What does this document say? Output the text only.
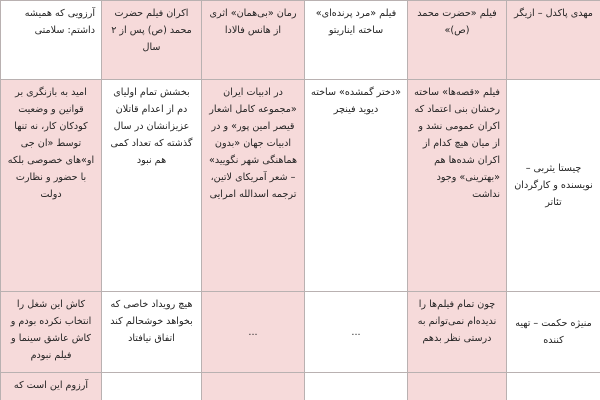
مهدی پاکدل – ازیگر	فیلم «حضرت محمد (ص)»	فیلم «مرد پرنده‌ای» ساخته ایناریتو	رمان «بی‌همان» اثری از هانس فالادا	اکران فیلم حضرت محمد (ص) پس از ۲ سال	آرزویی که همیشه داشتم: سلامتی
چیستا یثربی – نویسنده و کارگردان تئاتر	فیلم «قصه‌ها» ساخته رخشان بنی اعتماد که اکران عمومی نشد و از میان هیچ کدام از اکران شده‌ها هم «بهترینی» وجود نداشت	«دختر گمشده» ساخته دیوید فینچر	در ادبیات ایران «مجموعه کامل اشعار قیصر امین پور» و در ادبیات جهان «بدون هماهنگی شهر نگویید» – شعر آمریکای لاتین، ترجمه اسدالله امرایی	بخشش تمام اولیای دم از اعدام قاتلان عزیزانشان در سال گذشته که تعداد کمی هم نبود	امید به بازنگری بر قوانین و وضعیت کودکان کار، نه تنها توسط «ان جی او»های خصوصی بلکه با حضور و نظارت دولت
منیژه حکمت – تهیه کننده	چون تمام فیلم‌ها را ندیده‌ام نمی‌توانم به درستی نظر بدهم	...	...	هیچ رویداد خاصی که بخواهد خوشحالم کند اتفاق نیافتاد	کاش این شغل را انتخاب نکرده بودم و کاش عاشق سینما و فیلم نبودم
					آرزوم این است که
